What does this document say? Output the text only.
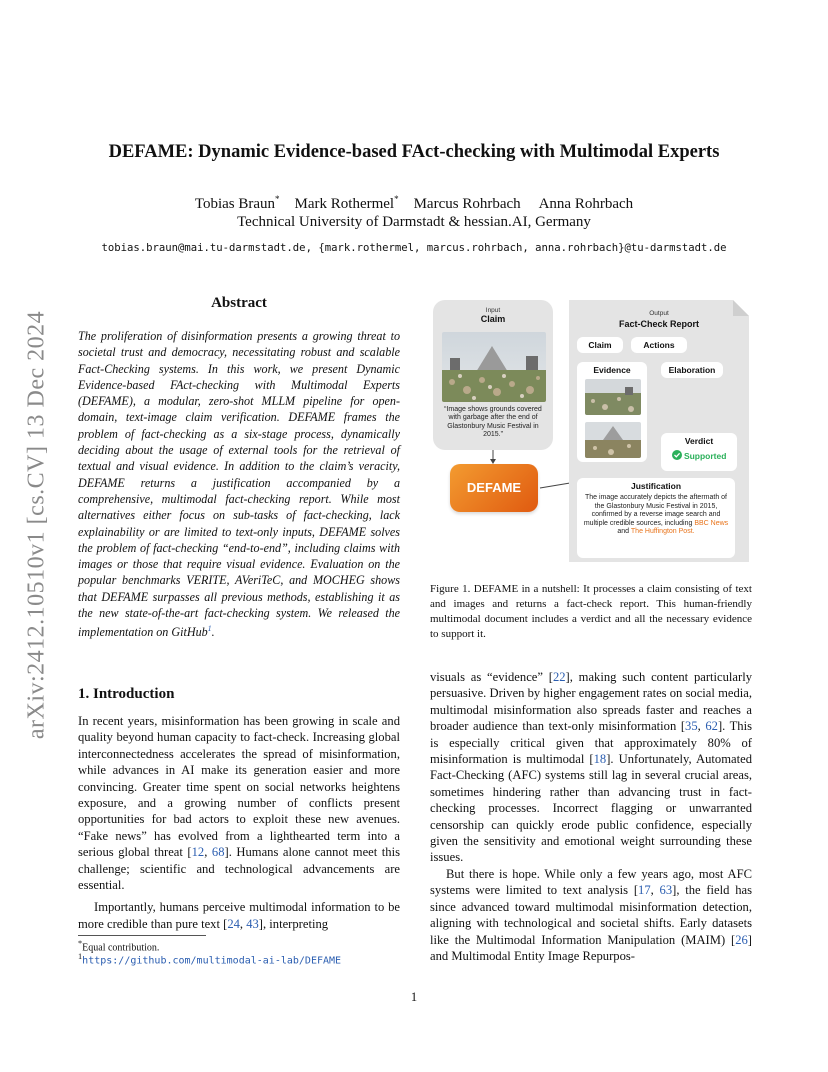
arXiv:2412.10510v1 [cs.CV] 13 Dec 2024
DEFAME: Dynamic Evidence-based FAct-checking with Multimodal Experts
Tobias Braun* Mark Rothermel* Marcus Rohrbach Anna Rohrbach
Technical University of Darmstadt & hessian.AI, Germany
tobias.braun@mai.tu-darmstadt.de, {mark.rothermel, marcus.rohrbach, anna.rohrbach}@tu-darmstadt.de
Abstract
The proliferation of disinformation presents a growing threat to societal trust and democracy, necessitating robust and scalable Fact-Checking systems. In this work, we present Dynamic Evidence-based FAct-checking with Multimodal Experts (DEFAME), a modular, zero-shot MLLM pipeline for open-domain, text-image claim verification. DEFAME frames the problem of fact-checking as a six-stage process, dynamically deciding about the usage of external tools for the retrieval of textual and visual evidence. In addition to the claim’s veracity, DEFAME returns a justification accompanied by a comprehensive, multimodal fact-checking report. While most alternatives either focus on sub-tasks of fact-checking, lack explainability or are limited to text-only inputs, DEFAME solves the problem of fact-checking “end-to-end”, including claims with images or those that require visual evidence. Evaluation on the popular benchmarks VERITE, AVeriTeC, and MOCHEG shows that DEFAME surpasses all previous methods, establishing it as the new state-of-the-art fact-checking system. We released the implementation on GitHub$^1$.
Input
Claim
“Image shows grounds covered with garbage after the end of Glastonbury Music Festival in 2015.”
DEFAME
Output
Fact-Check Report
Claim	Actions
Evidence	Elaboration
Verdict
Supported
Justification
The image accurately depicts the aftermath of the Glastonbury Music Festival in 2015, confirmed by a reverse image search and multiple credible sources, including BBC News and The Huffington Post.
Figure 1. DEFAME in a nutshell: It processes a claim consisting of text and images and returns a fact-check report. This human-friendly multimodal document includes a verdict and all the necessary evidence to support it.
1. Introduction

In recent years, misinformation has been growing in scale and quality beyond human capacity to fact-check. Increasing global interconnectedness accelerates the spread of misinformation, while advances in AI make its generation easier and more convincing. Greater time spent on social networks heightens exposure, and a growing number of conflicts present opportunities for bad actors to exploit these new avenues. “Fake news” has evolved from a lighthearted term into a serious global threat [12, 68]. Humans alone cannot meet this challenge; scientific and technological advancements are essential.

Importantly, humans perceive multimodal information to be more credible than pure text [24, 43], interpreting

visuals as “evidence” [22], making such content particularly persuasive. Driven by higher engagement rates on social media, multimodal misinformation also spreads faster and reaches a broader audience than text-only misinformation [35, 62]. This is especially critical given that approximately 80% of misinformation is multimodal [18]. Unfortunately, Automated Fact-Checking (AFC) systems still lag in several crucial areas, sometimes hindering rather than advancing trust in fact-checking processes. Incorrect flagging or unwarranted censorship can quickly erode public confidence, especially given the sensitivity and emotional weight surrounding these issues.

But there is hope. While only a few years ago, most AFC systems were limited to text analysis [17, 63], the field has since advanced toward multimodal misinformation detection, aligning with technological and societal shifts. Early datasets like the Multimodal Information Manipulation (MAIM) [26] and Multimodal Entity Image Repurpos-

*Equal contribution.
$^1$https://github.com/multimodal-ai-lab/DEFAME
1
